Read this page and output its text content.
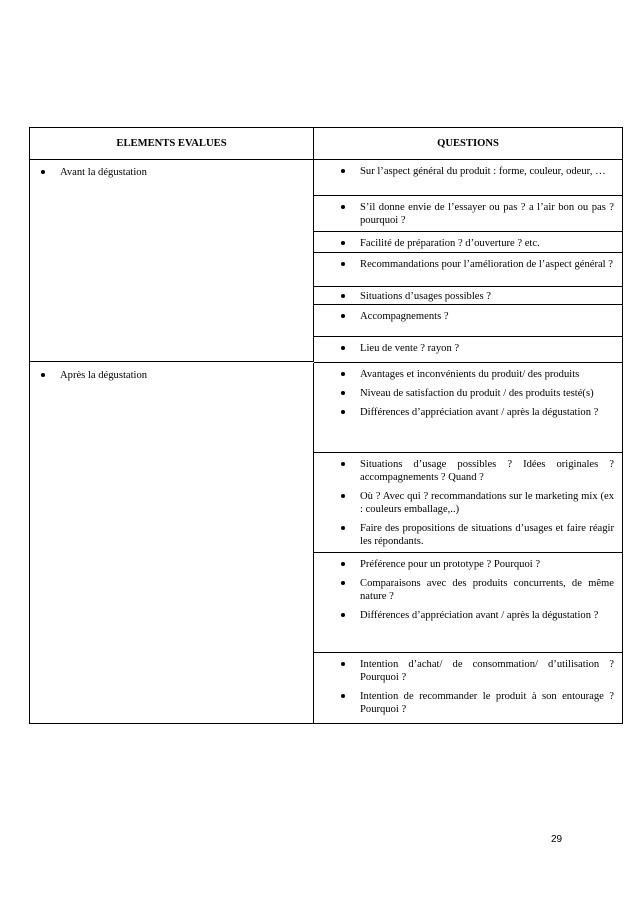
ELEMENTS EVALUES	QUESTIONS
Avant la dégustation	Sur l’aspect général du produit : forme, couleur, odeur, …
S’il donne envie de l’essayer ou pas ? a l’air bon ou pas ? pourquoi ?
Facilité de préparation ? d’ouverture ? etc.
Recommandations pour l’amélioration de l’aspect général ?
Situations d’usages possibles ?
Accompagnements ?
Lieu de vente ? rayon ?
Après la dégustation	Avantages et inconvénients du produit/ des produits
Niveau de satisfaction du produit / des produits testé(s)
Différences d’appréciation avant / après la dégustation ?
Situations d’usage possibles ? Idées originales ? accompagnements ? Quand ?
Où ? Avec qui ? recommandations sur le marketing mix (ex : couleurs emballage,..)
Faire des propositions de situations d’usages et faire réagir les répondants.
Préférence pour un prototype ? Pourquoi ?
Comparaisons avec des produits concurrents, de même nature ?
Différences d’appréciation avant / après la dégustation ?
Intention d’achat/ de consommation/ d’utilisation ? Pourquoi ?
Intention de recommander le produit à son entourage ? Pourquoi ?
29
